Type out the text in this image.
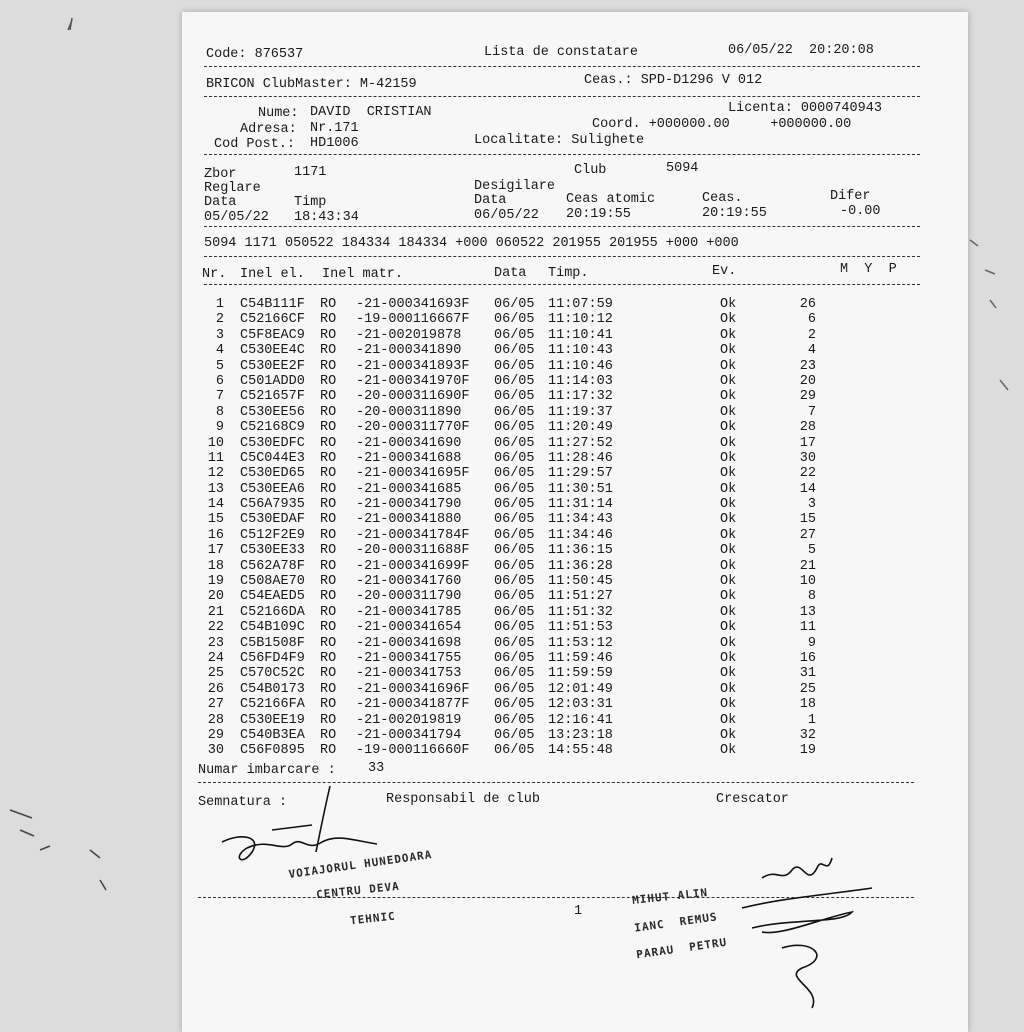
Code: 876537	Lista de constatare	06/05/22  20:20:08
BRICON ClubMaster: M-42159	Ceas.: SPD-D1296 V 012
Nume: DAVID  CRISTIAN	Licenta: 0000740943
Adresa: Nr.171	Coord. +000000.00     +000000.00
Cod Post.: HD1006	Localitate: Sulighete
Zbor	1171	Club	5094
Reglare	Desigilare
Data	Timp	Data	Ceas atomic	Ceas.	Difer
05/05/22 18:43:34	06/05/22 20:19:55	20:19:55	-0.00
5094 1171 050522 184334 184334 +000 060522 201955 201955 +000 +000
Nr. Inel el. Inel matr.	Data Timp.	Ev.	M  Y  P
1 C54B111F RO -21-000341693F 06/05 11:07:59	Ok	26
2 C52166CF RO -19-000116667F 06/05 11:10:12	Ok	6
3 C5F8EAC9 RO -21-002019878 06/05 11:10:41	Ok	2
4 C530EE4C RO -21-000341890 06/05 11:10:43	Ok	4
5 C530EE2F RO -21-000341893F 06/05 11:10:46	Ok	23
6 C501ADD0 RO -21-000341970F 06/05 11:14:03	Ok	20
7 C521657F RO -20-000311690F 06/05 11:17:32	Ok	29
8 C530EE56 RO -20-000311890 06/05 11:19:37	Ok	7
9 C52168C9 RO -20-000311770F 06/05 11:20:49	Ok	28
10 C530EDFC RO -21-000341690 06/05 11:27:52	Ok	17
11 C5C044E3 RO -21-000341688 06/05 11:28:46	Ok	30
12 C530ED65 RO -21-000341695F 06/05 11:29:57	Ok	22
13 C530EEA6 RO -21-000341685 06/05 11:30:51	Ok	14
14 C56A7935 RO -21-000341790 06/05 11:31:14	Ok	3
15 C530EDAF RO -21-000341880 06/05 11:34:43	Ok	15
16 C512F2E9 RO -21-000341784F 06/05 11:34:46	Ok	27
17 C530EE33 RO -20-000311688F 06/05 11:36:15	Ok	5
18 C562A78F RO -21-000341699F 06/05 11:36:28	Ok	21
19 C508AE70 RO -21-000341760 06/05 11:50:45	Ok	10
20 C54EAED5 RO -20-000311790 06/05 11:51:27	Ok	8
21 C52166DA RO -21-000341785 06/05 11:51:32	Ok	13
22 C54B109C RO -21-000341654 06/05 11:51:53	Ok	11
23 C5B1508F RO -21-000341698 06/05 11:53:12	Ok	9
24 C56FD4F9 RO -21-000341755 06/05 11:59:46	Ok	16
25 C570C52C RO -21-000341753 06/05 11:59:59	Ok	31
26 C54B0173 RO -21-000341696F 06/05 12:01:49	Ok	25
27 C52166FA RO -21-000341877F 06/05 12:03:31	Ok	18
28 C530EE19 RO -21-002019819 06/05 12:16:41	Ok	1
29 C540B3EA RO -21-000341794 06/05 13:23:18	Ok	32
30 C56F0895 RO -19-000116660F 06/05 14:55:48	Ok	19
Numar imbarcare : 33
Semnatura :	Responsabil de club	Crescator
1
VOIAJORUL HUNEDOARA
CENTRU DEVA
TEHNIC
MIHUT ALIN
IANC  REMUS
PARAU  PETRU
